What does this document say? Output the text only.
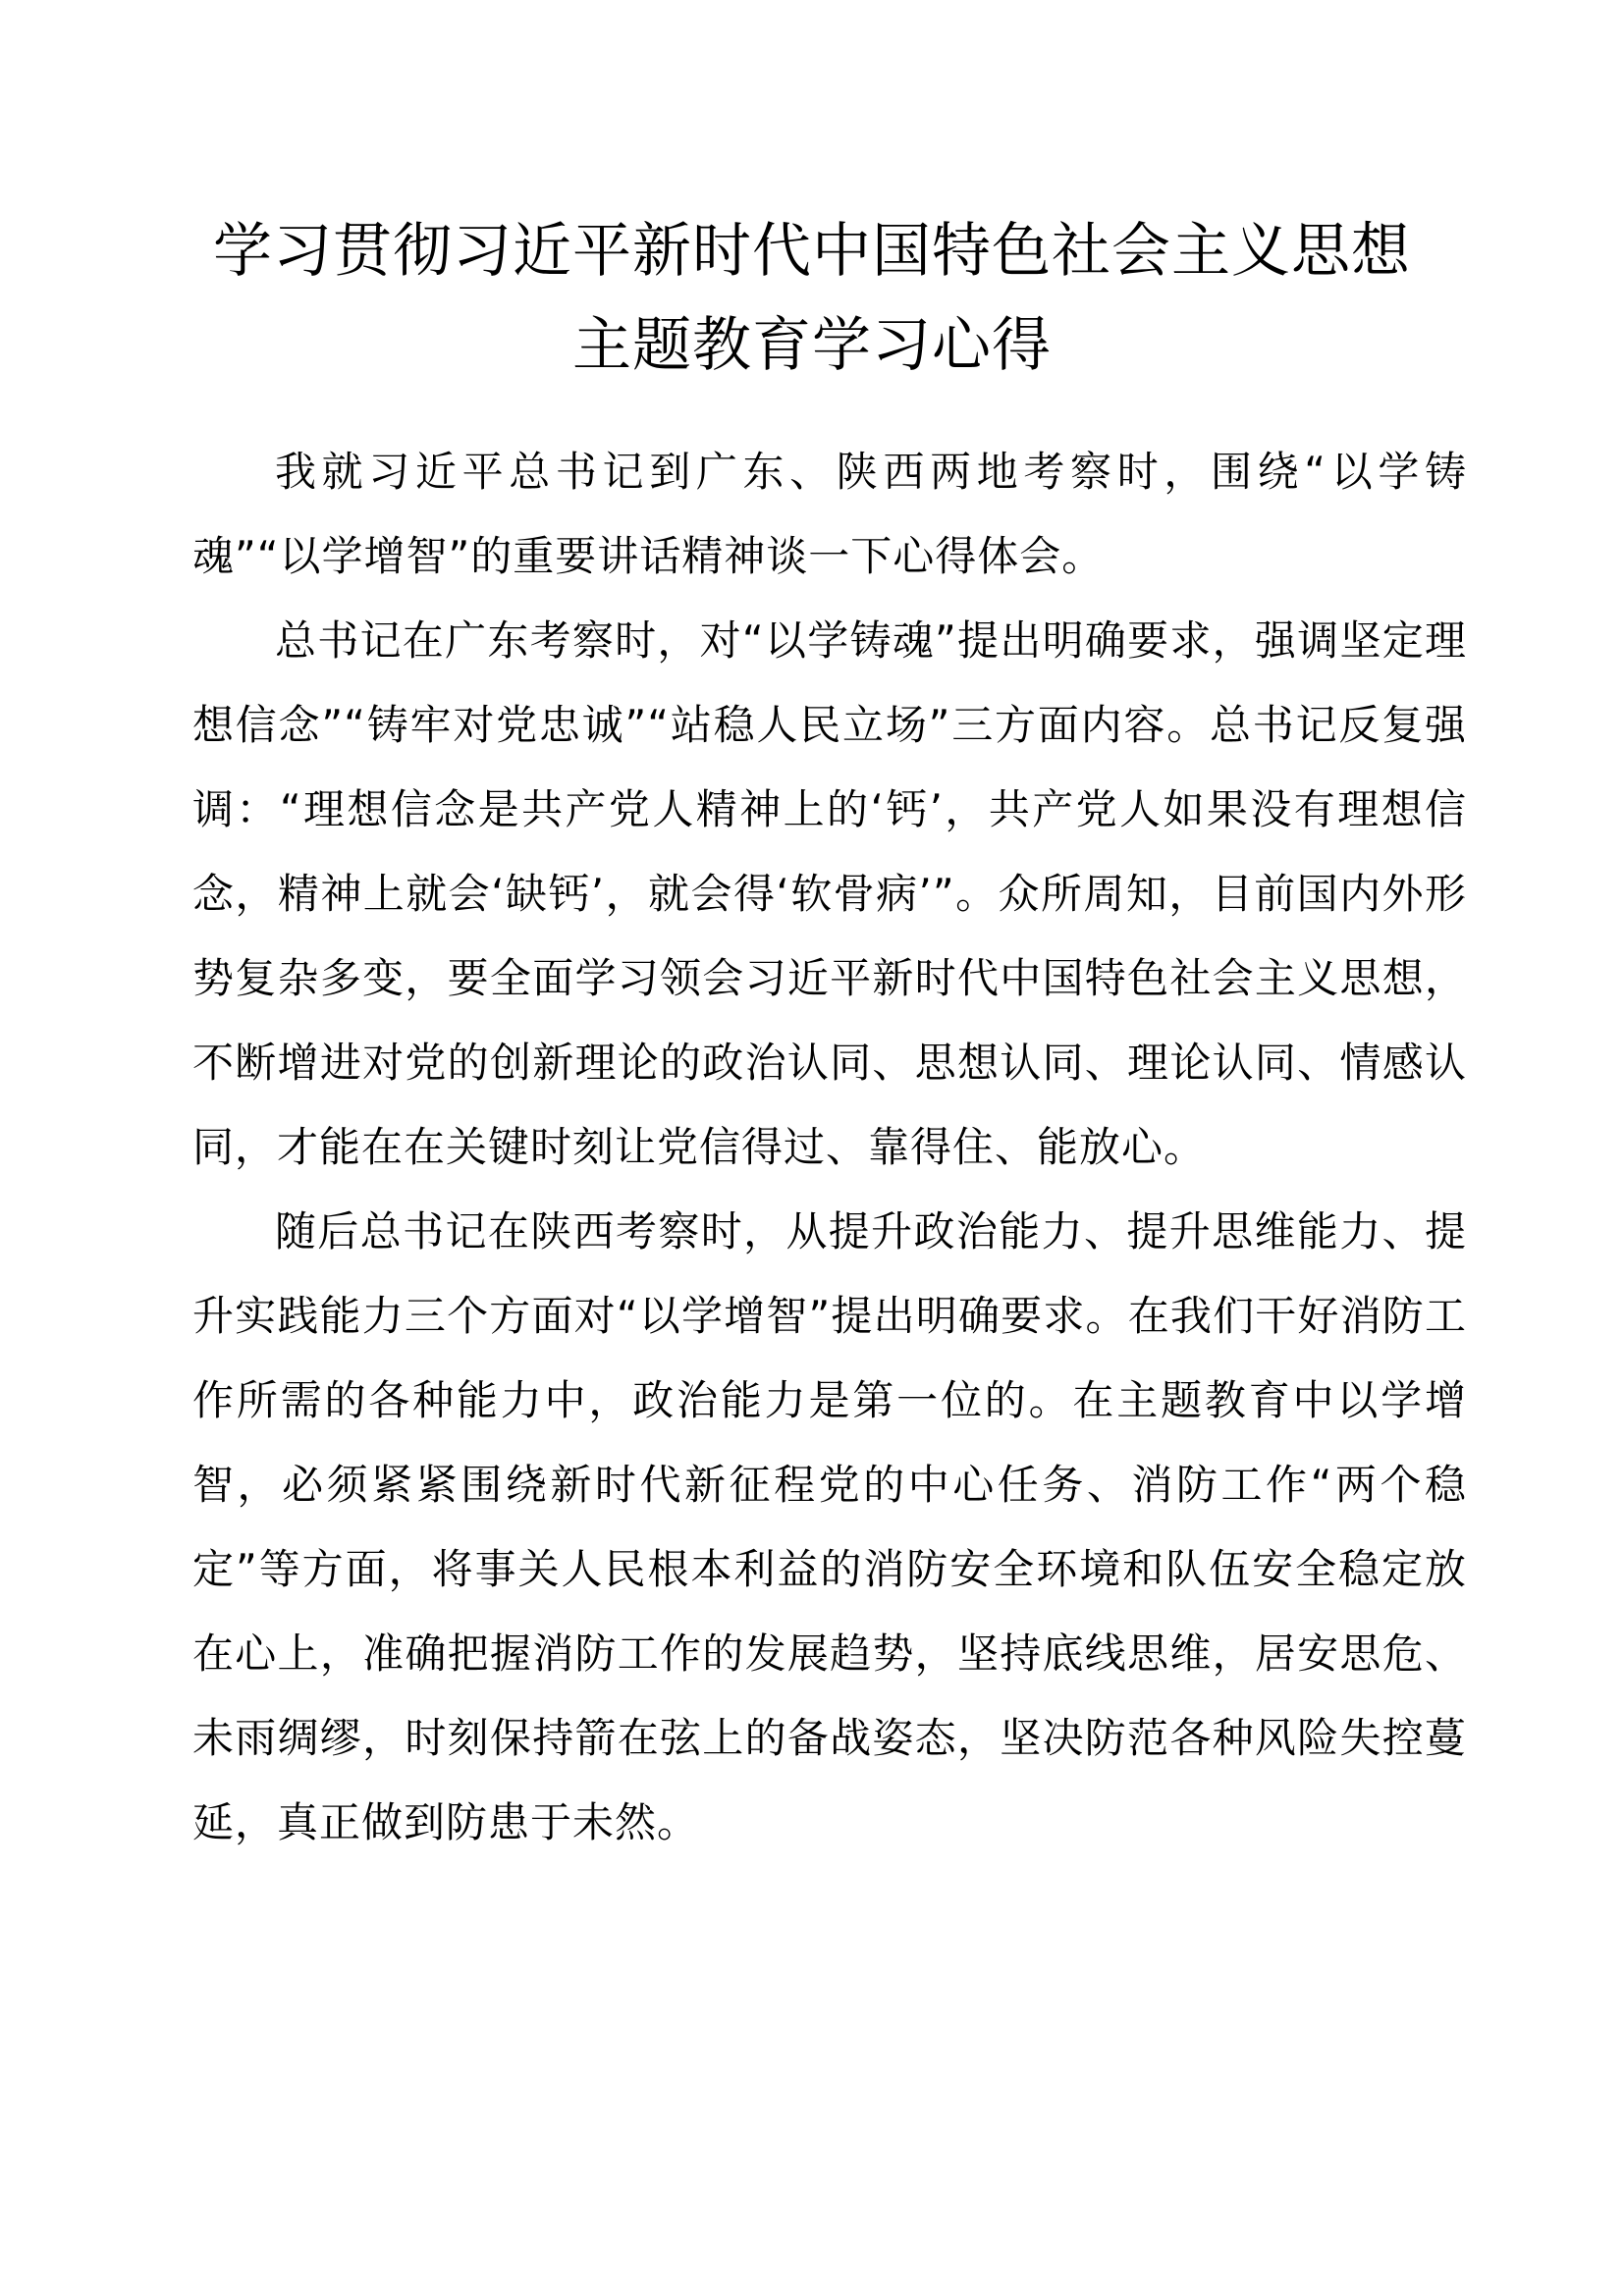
学习贯彻习近平新时代中国特色社会主义思想
主题教育学习心得

我就习近平总书记到广东、陕西两地考察时，围绕“以学铸魂”“以学增智”的重要讲话精神谈一下心得体会。

总书记在广东考察时，对“以学铸魂”提出明确要求，强调坚定理想信念”“铸牢对党忠诚”“站稳人民立场”三方面内容。总书记反复强调：“理想信念是共产党人精神上的‘钙’，共产党人如果没有理想信念，精神上就会‘缺钙’，就会得‘软骨病’”。众所周知，目前国内外形势复杂多变，要全面学习领会习近平新时代中国特色社会主义思想，不断增进对党的创新理论的政治认同、思想认同、理论认同、情感认同，才能在在关键时刻让党信得过、靠得住、能放心。

随后总书记在陕西考察时，从提升政治能力、提升思维能力、提升实践能力三个方面对“以学增智”提出明确要求。在我们干好消防工作所需的各种能力中，政治能力是第一位的。在主题教育中以学增智，必须紧紧围绕新时代新征程党的中心任务、消防工作“两个稳定”等方面，将事关人民根本利益的消防安全环境和队伍安全稳定放在心上，准确把握消防工作的发展趋势，坚持底线思维，居安思危、未雨绸缪，时刻保持箭在弦上的备战姿态，坚决防范各种风险失控蔓延，真正做到防患于未然。
